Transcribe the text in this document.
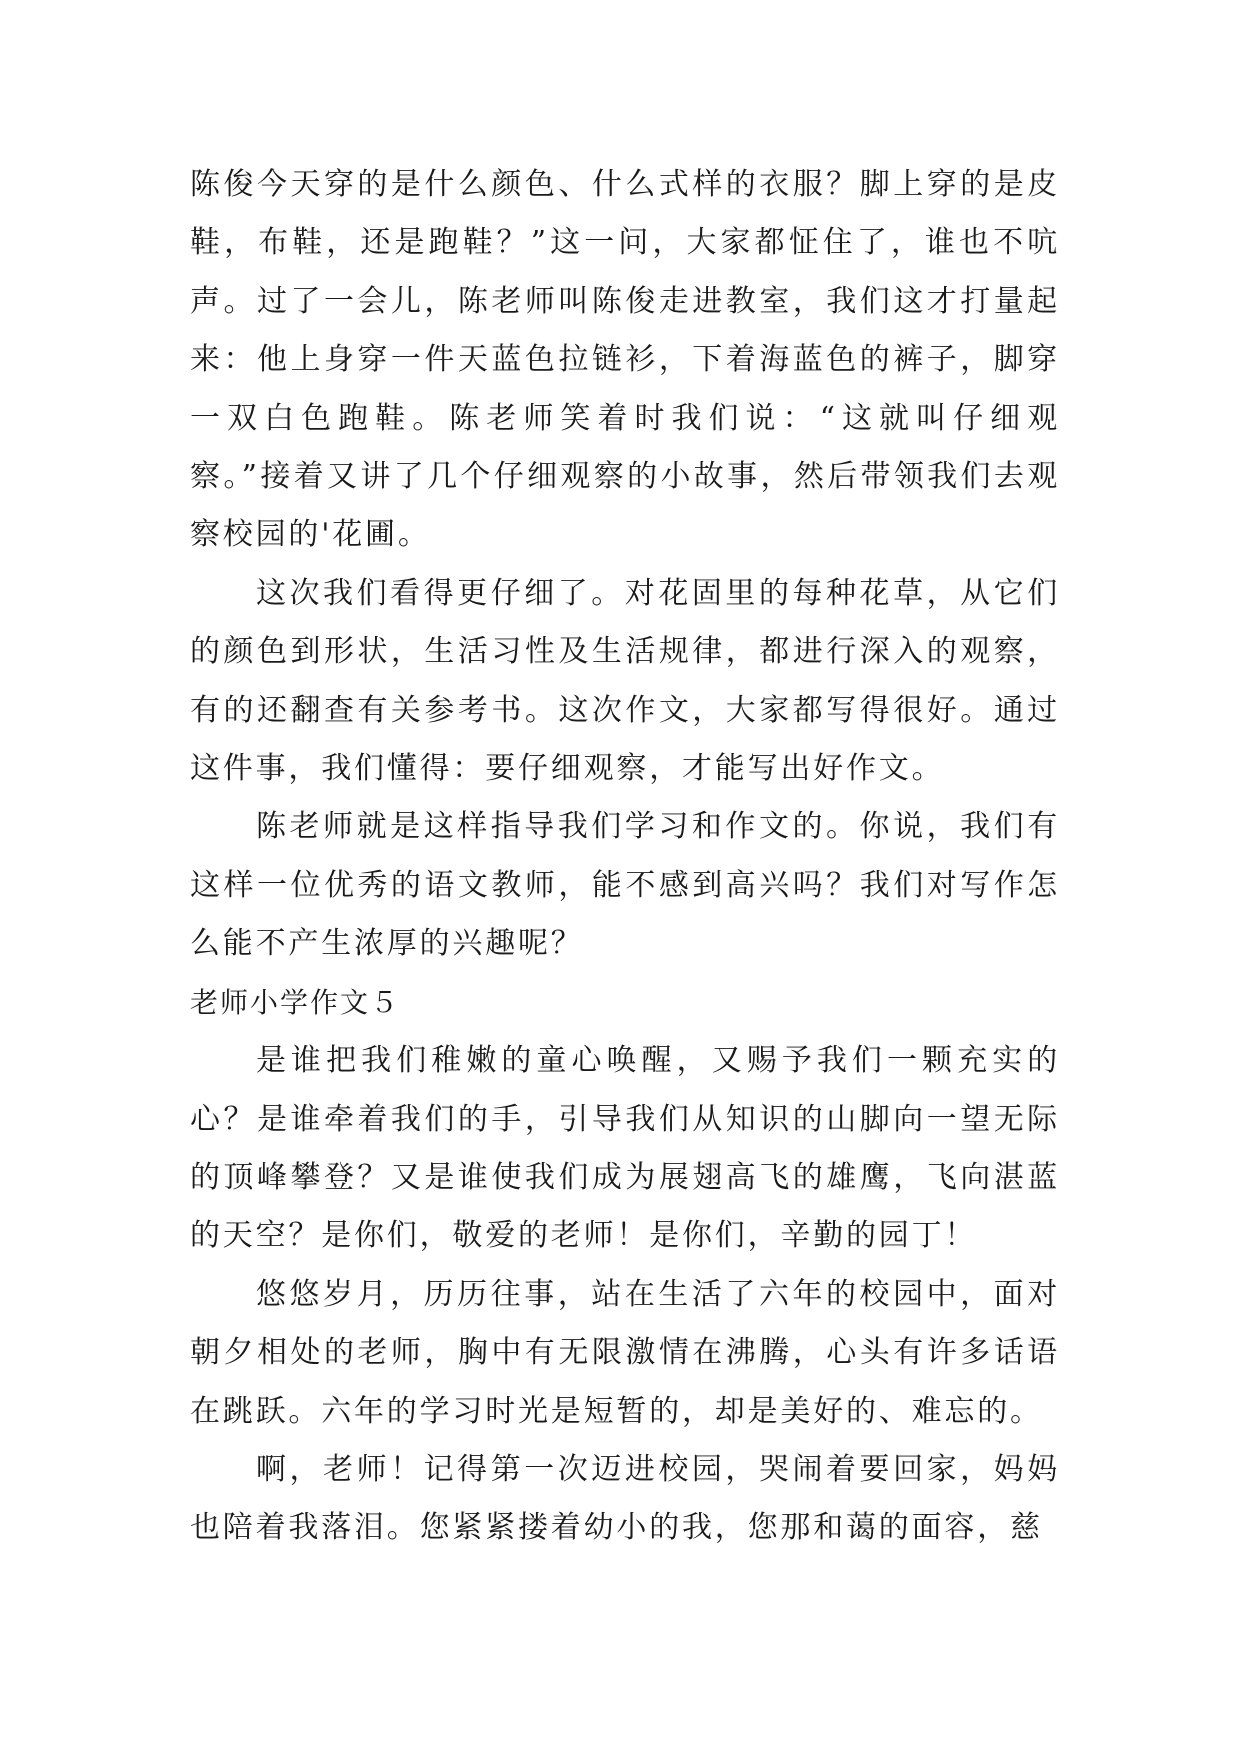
陈俊今天穿的是什么颜色、什么式样的衣服？脚上穿的是皮鞋，布鞋，还是跑鞋？”这一问，大家都怔住了，谁也不吭声。过了一会儿，陈老师叫陈俊走进教室，我们这才打量起来：他上身穿一件天蓝色拉链衫，下着海蓝色的裤子，脚穿一双白色跑鞋。陈老师笑着时我们说：“这就叫仔细观察。”接着又讲了几个仔细观察的小故事，然后带领我们去观察校园的'花圃。

这次我们看得更仔细了。对花固里的每种花草，从它们的颜色到形状，生活习性及生活规律，都进行深入的观察，有的还翻查有关参考书。这次作文，大家都写得很好。通过这件事，我们懂得：要仔细观察，才能写出好作文。

陈老师就是这样指导我们学习和作文的。你说，我们有这样一位优秀的语文教师，能不感到高兴吗？我们对写作怎么能不产生浓厚的兴趣呢？

老师小学作文５

是谁把我们稚嫩的童心唤醒，又赐予我们一颗充实的心？是谁牵着我们的手，引导我们从知识的山脚向一望无际的顶峰攀登？又是谁使我们成为展翅高飞的雄鹰，飞向湛蓝的天空？是你们，敬爱的老师！是你们，辛勤的园丁！

悠悠岁月，历历往事，站在生活了六年的校园中，面对朝夕相处的老师，胸中有无限激情在沸腾，心头有许多话语在跳跃。六年的学习时光是短暂的，却是美好的、难忘的。

啊，老师！记得第一次迈进校园，哭闹着要回家，妈妈也陪着我落泪。您紧紧搂着幼小的我，您那和蔼的面容，慈
